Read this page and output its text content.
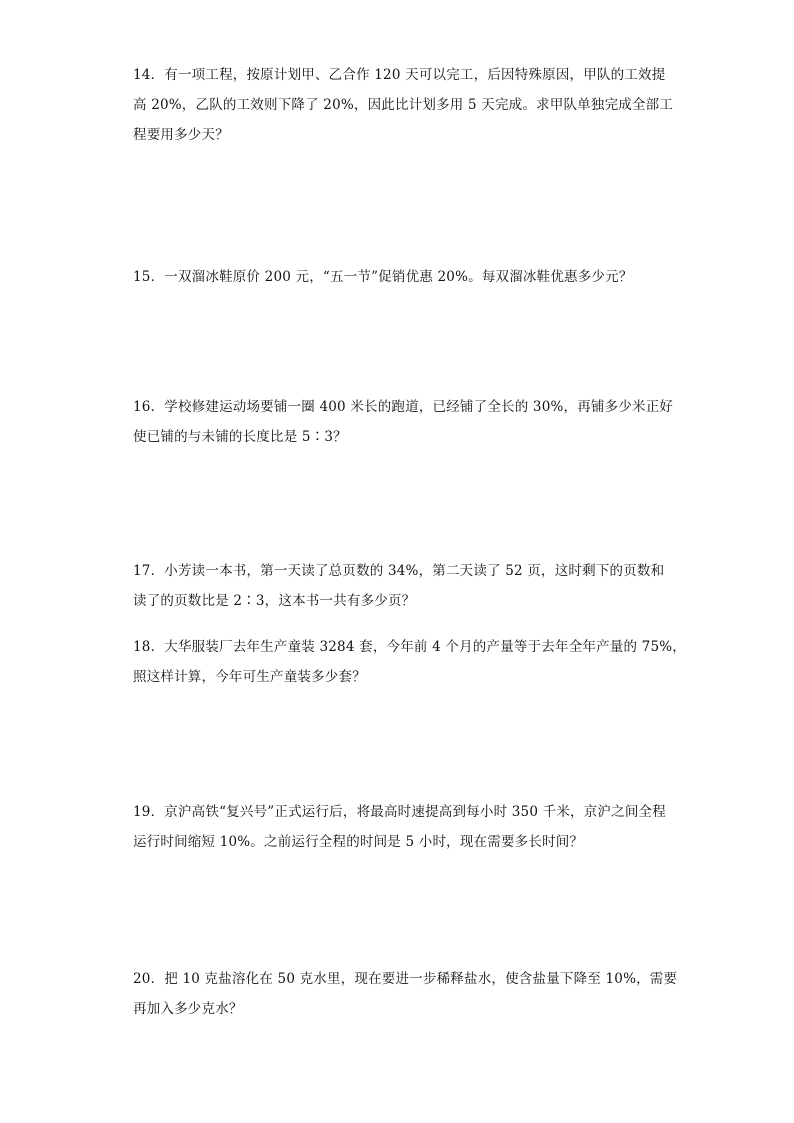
14．有一项工程，按原计划甲、乙合作 120 天可以完工，后因特殊原因，甲队的工效提

高 20%，乙队的工效则下降了 20%，因此比计划多用 5 天完成。求甲队单独完成全部工

程要用多少天？

15．一双溜冰鞋原价 200 元，“五一节”促销优惠 20%。每双溜冰鞋优惠多少元？

16．学校修建运动场要铺一圈 400 米长的跑道，已经铺了全长的 30%，再铺多少米正好

使已铺的与未铺的长度比是 5∶3？

17．小芳读一本书，第一天读了总页数的 34%，第二天读了 52 页，这时剩下的页数和

读了的页数比是 2∶3，这本书一共有多少页？

18．大华服装厂去年生产童装 3284 套，今年前 4 个月的产量等于去年全年产量的 75%，

照这样计算，今年可生产童装多少套？

19．京沪高铁“复兴号”正式运行后，将最高时速提高到每小时 350 千米，京沪之间全程

运行时间缩短 10%。之前运行全程的时间是 5 小时，现在需要多长时间？

20．把 10 克盐溶化在 50 克水里，现在要进一步稀释盐水，使含盐量下降至 10%，需要

再加入多少克水？
